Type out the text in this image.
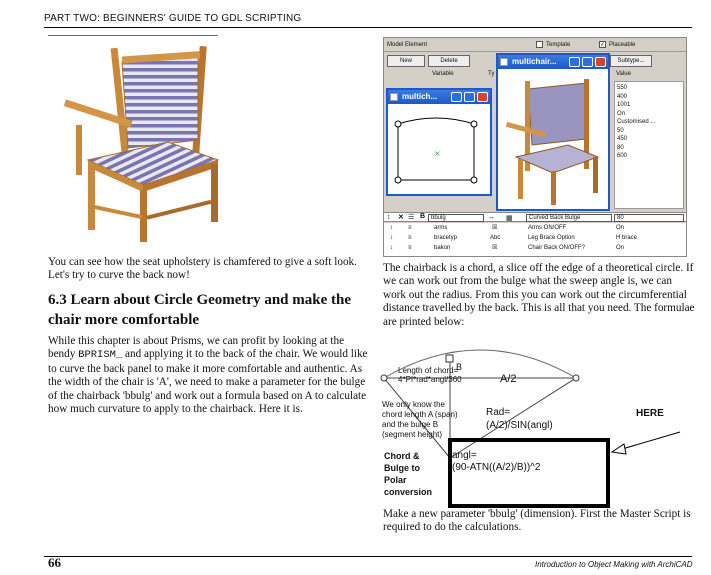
PART TWO: BEGINNERS' GUIDE TO GDL SCRIPTING
You can see how the seat upholstery is chamfered to give a soft look. Let's try to curve the back now!
6.3 Learn about Circle Geometry and make the chair more comfortable
While this chapter is about Prisms, we can profit by looking at the bendy BPRISM_ and applying it to the back of the chair. We would like to curve the back panel to make it more comfortable and authentic. As the width of the chair is 'A', we need to make a parameter for the bulge of the chairback 'bbulg' and work out a formula based on A to calculate how much curvature to apply to the chairback. Here it is.
Model Element	Template	✓ Placeable
New	Delete	Subtype...
Variable	Ty	Value
550
400
1001
On
Customised ...
50
450
80
600
multichair...
multich...
×
↕ ✕ ☰ B bbulg	↔ ▦	Curved Back Bulge	80
↕	≡	arms	☒	Arms ON/OFF	On
↕	≡	bracetyp	Abc	Leg Brace Option	H brace
↕	≡	bakon	☒	Chair Back ON/OFF?	On
The chairback is a chord, a slice off the edge of a theoretical circle. If we can work out from the bulge what the sweep angle is, we can work out the radius. From this you can work out the circumferential distance travelled by the back. This is all that you need. The formulae are printed below:
Length of chord=
4*PI*rad*angl/360
B
A/2
We only know the
chord length A (span)
and the bulge B
(segment height)
Rad=
(A/2)/SIN(angl)
Chord &
Bulge to
Polar
conversion
HERE
angl=
(90-ATN((A/2)/B))^2
Make a new parameter 'bbulg' (dimension). First the Master Script is required to do the calculations.
66	Introduction to Object Making with ArchiCAD
